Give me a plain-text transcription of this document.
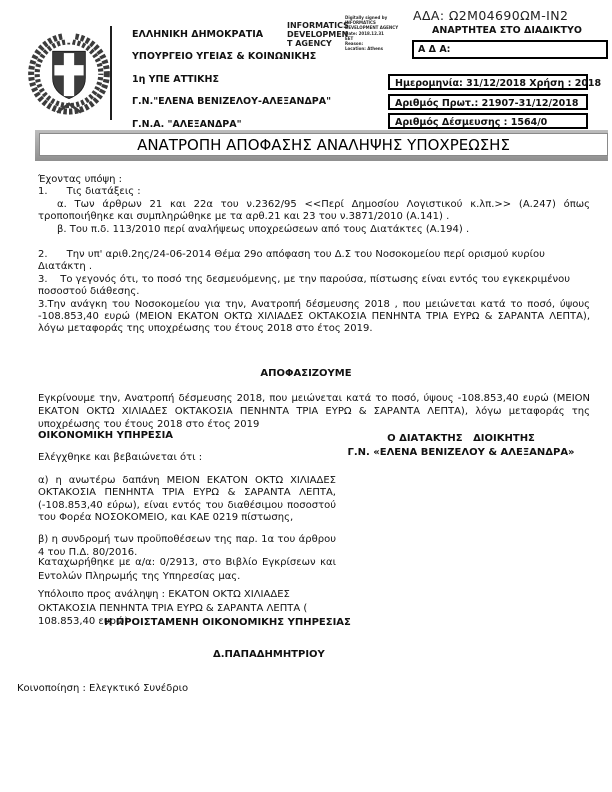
ΑΔΑ: Ω2Μ04690ΩΜ-ΙΝ2
ΑΝΑΡΤΗΤΕΑ ΣΤΟ ΔΙΑΔΙΚΤΥΟ
ΕΛΛΗΝΙΚΗ ΔΗΜΟΚΡΑΤΙΑ
ΥΠΟΥΡΓΕΙΟ ΥΓΕΙΑΣ & ΚΟΙΝΩΝΙΚΗΣ
1η ΥΠΕ ΑΤΤΙΚΗΣ
Γ.Ν."ΕΛΕΝΑ ΒΕΝΙΖΕΛΟΥ-ΑΛΕΞΑΝΔΡΑ"
Γ.Ν.Α. "ΑΛΕΞΑΝΔΡΑ"
INFORMATICS
DEVELOPMEN
T AGENCY
Digitally signed by
INFORMATICS
DEVELOPMENT AGENCY
Date: 2018.12.31
EET
Reason:
Location: Athens	Α Δ Α:
Ημερομηνία: 31/12/2018 Χρήση : 2018
Αριθμός Πρωτ.: 21907-31/12/2018
Αριθμός Δέσμευσης : 1564/0
ΑΝΑΤΡΟΠΗ ΑΠΟΦΑΣΗΣ ΑΝΑΛΗΨΗΣ ΥΠΟΧΡΕΩΣΗΣ

Έχοντας υπόψη :

1.      Τις διατάξεις :

α. Των άρθρων 21 και 22α του ν.2362/95 <<Περί Δημοσίου Λογιστικού κ.λπ.>> (Α.247) όπως τροποποιήθηκε και συμπληρώθηκε με τα αρθ.21 και 23 του ν.3871/2010 (Α.141) .

β. Του π.δ. 113/2010 περί αναλήψεως υποχρεώσεων από τους Διατάκτες (Α.194) .

2.      Την υπ' αριθ.2ης/24-06-2014 Θέμα 29ο απόφαση του Δ.Σ του Νοσοκομείου περί ορισμού κυρίου Διατάκτη .

3.    Το γεγονός ότι, το ποσό της δεσμευόμενης, με την παρούσα, πίστωσης είναι εντός του εγκεκριμένου ποσοστού διάθεσης.

3.Την ανάγκη του Νοσοκομείου για την, Ανατροπή δέσμευσης 2018 , που μειώνεται κατά το ποσό, ύψους -108.853,40 ευρώ (ΜΕΙΟΝ ΕΚΑΤΟΝ ΟΚΤΩ ΧΙΛΙΑΔΕΣ ΟΚΤΑΚΟΣΙΑ ΠΕΝΗΝΤΑ ΤΡΙΑ ΕΥΡΩ & ΣΑΡΑΝΤΑ ΛΕΠΤΑ), λόγω μεταφοράς της υποχρέωσης του έτους 2018 στο έτος 2019.

ΑΠΟΦΑΣΙΖΟΥΜΕ
Εγκρίνουμε την, Ανατροπή δέσμευσης 2018, που μειώνεται κατά το ποσό, ύψους -108.853,40 ευρώ (ΜΕΙΟΝ ΕΚΑΤΟΝ ΟΚΤΩ ΧΙΛΙΑΔΕΣ ΟΚΤΑΚΟΣΙΑ ΠΕΝΗΝΤΑ ΤΡΙΑ ΕΥΡΩ & ΣΑΡΑΝΤΑ ΛΕΠΤΑ), λόγω μεταφοράς της υποχρέωσης του έτους 2018 στο έτος 2019

ΟΙΚΟΝΟΜΙΚΗ ΥΠΗΡΕΣΙΑ

Ελέγχθηκε και βεβαιώνεται ότι :

α) η ανωτέρω δαπάνη ΜΕΙΟΝ ΕΚΑΤΟΝ ΟΚΤΩ ΧΙΛΙΑΔΕΣ ΟΚΤΑΚΟΣΙΑ ΠΕΝΗΝΤΑ ΤΡΙΑ ΕΥΡΩ & ΣΑΡΑΝΤΑ ΛΕΠΤΑ,(-108.853,40 εύρω), είναι εντός του διαθέσιμου ποσοστού του Φορέα ΝΟΣΟΚΟΜΕΙΟ, και ΚΑΕ 0219 πίστωσης,

β) η συνδρομή των προϋποθέσεων της παρ. 1α του άρθρου 4 του Π.Δ. 80/2016.

Ο ΔΙΑΤΑΚΤΗΣ   ΔΙΟΙΚΗΤΗΣ
Γ.Ν. «ΕΛΕΝΑ ΒΕΝΙΖΕΛΟΥ & ΑΛΕΞΑΝΔΡΑ»
Καταχωρήθηκε με α/α: 0/2913, στο Βιβλίο Εγκρίσεων και Εντολών Πληρωμής της Υπηρεσίας μας.
Υπόλοιπο προς ανάληψη : ΕΚΑΤΟΝ ΟΚΤΩ ΧΙΛΙΑΔΕΣ ΟΚΤΑΚΟΣΙΑ ΠΕΝΗΝΤΑ ΤΡΙΑ ΕΥΡΩ & ΣΑΡΑΝΤΑ ΛΕΠΤΑ ( 108.853,40 ευρώ)
Η ΠΡΟΙΣΤΑΜΕΝΗ ΟΙΚΟΝΟΜΙΚΗΣ ΥΠΗΡΕΣΙΑΣ
Δ.ΠΑΠΑΔΗΜΗΤΡΙΟΥ
Κοινοποίηση : Ελεγκτικό Συνέδριο
